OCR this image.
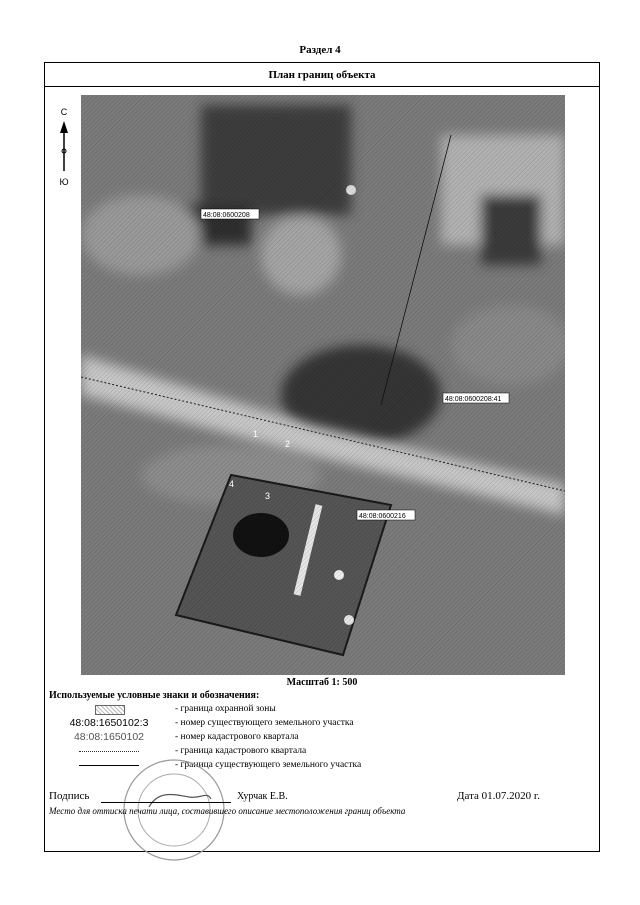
Раздел 4
План границ объекта
С
Ю
48:08:0600208
48:08:0600208:41
48:08:0600216
1
2
3
4
Масштаб 1: 500
Используемые условные знаки и обозначения:
- граница охранной зоны
48:08:1650102:3	- номер существующего земельного участка
48:08:1650102	- номер кадастрового квартала
- граница кадастрового квартала
- граница существующего земельного участка
Подпись	Хурчак Е.В.	Дата 01.07.2020 г.
Место для оттиска печати лица, составившего описание местоположения границ объекта
